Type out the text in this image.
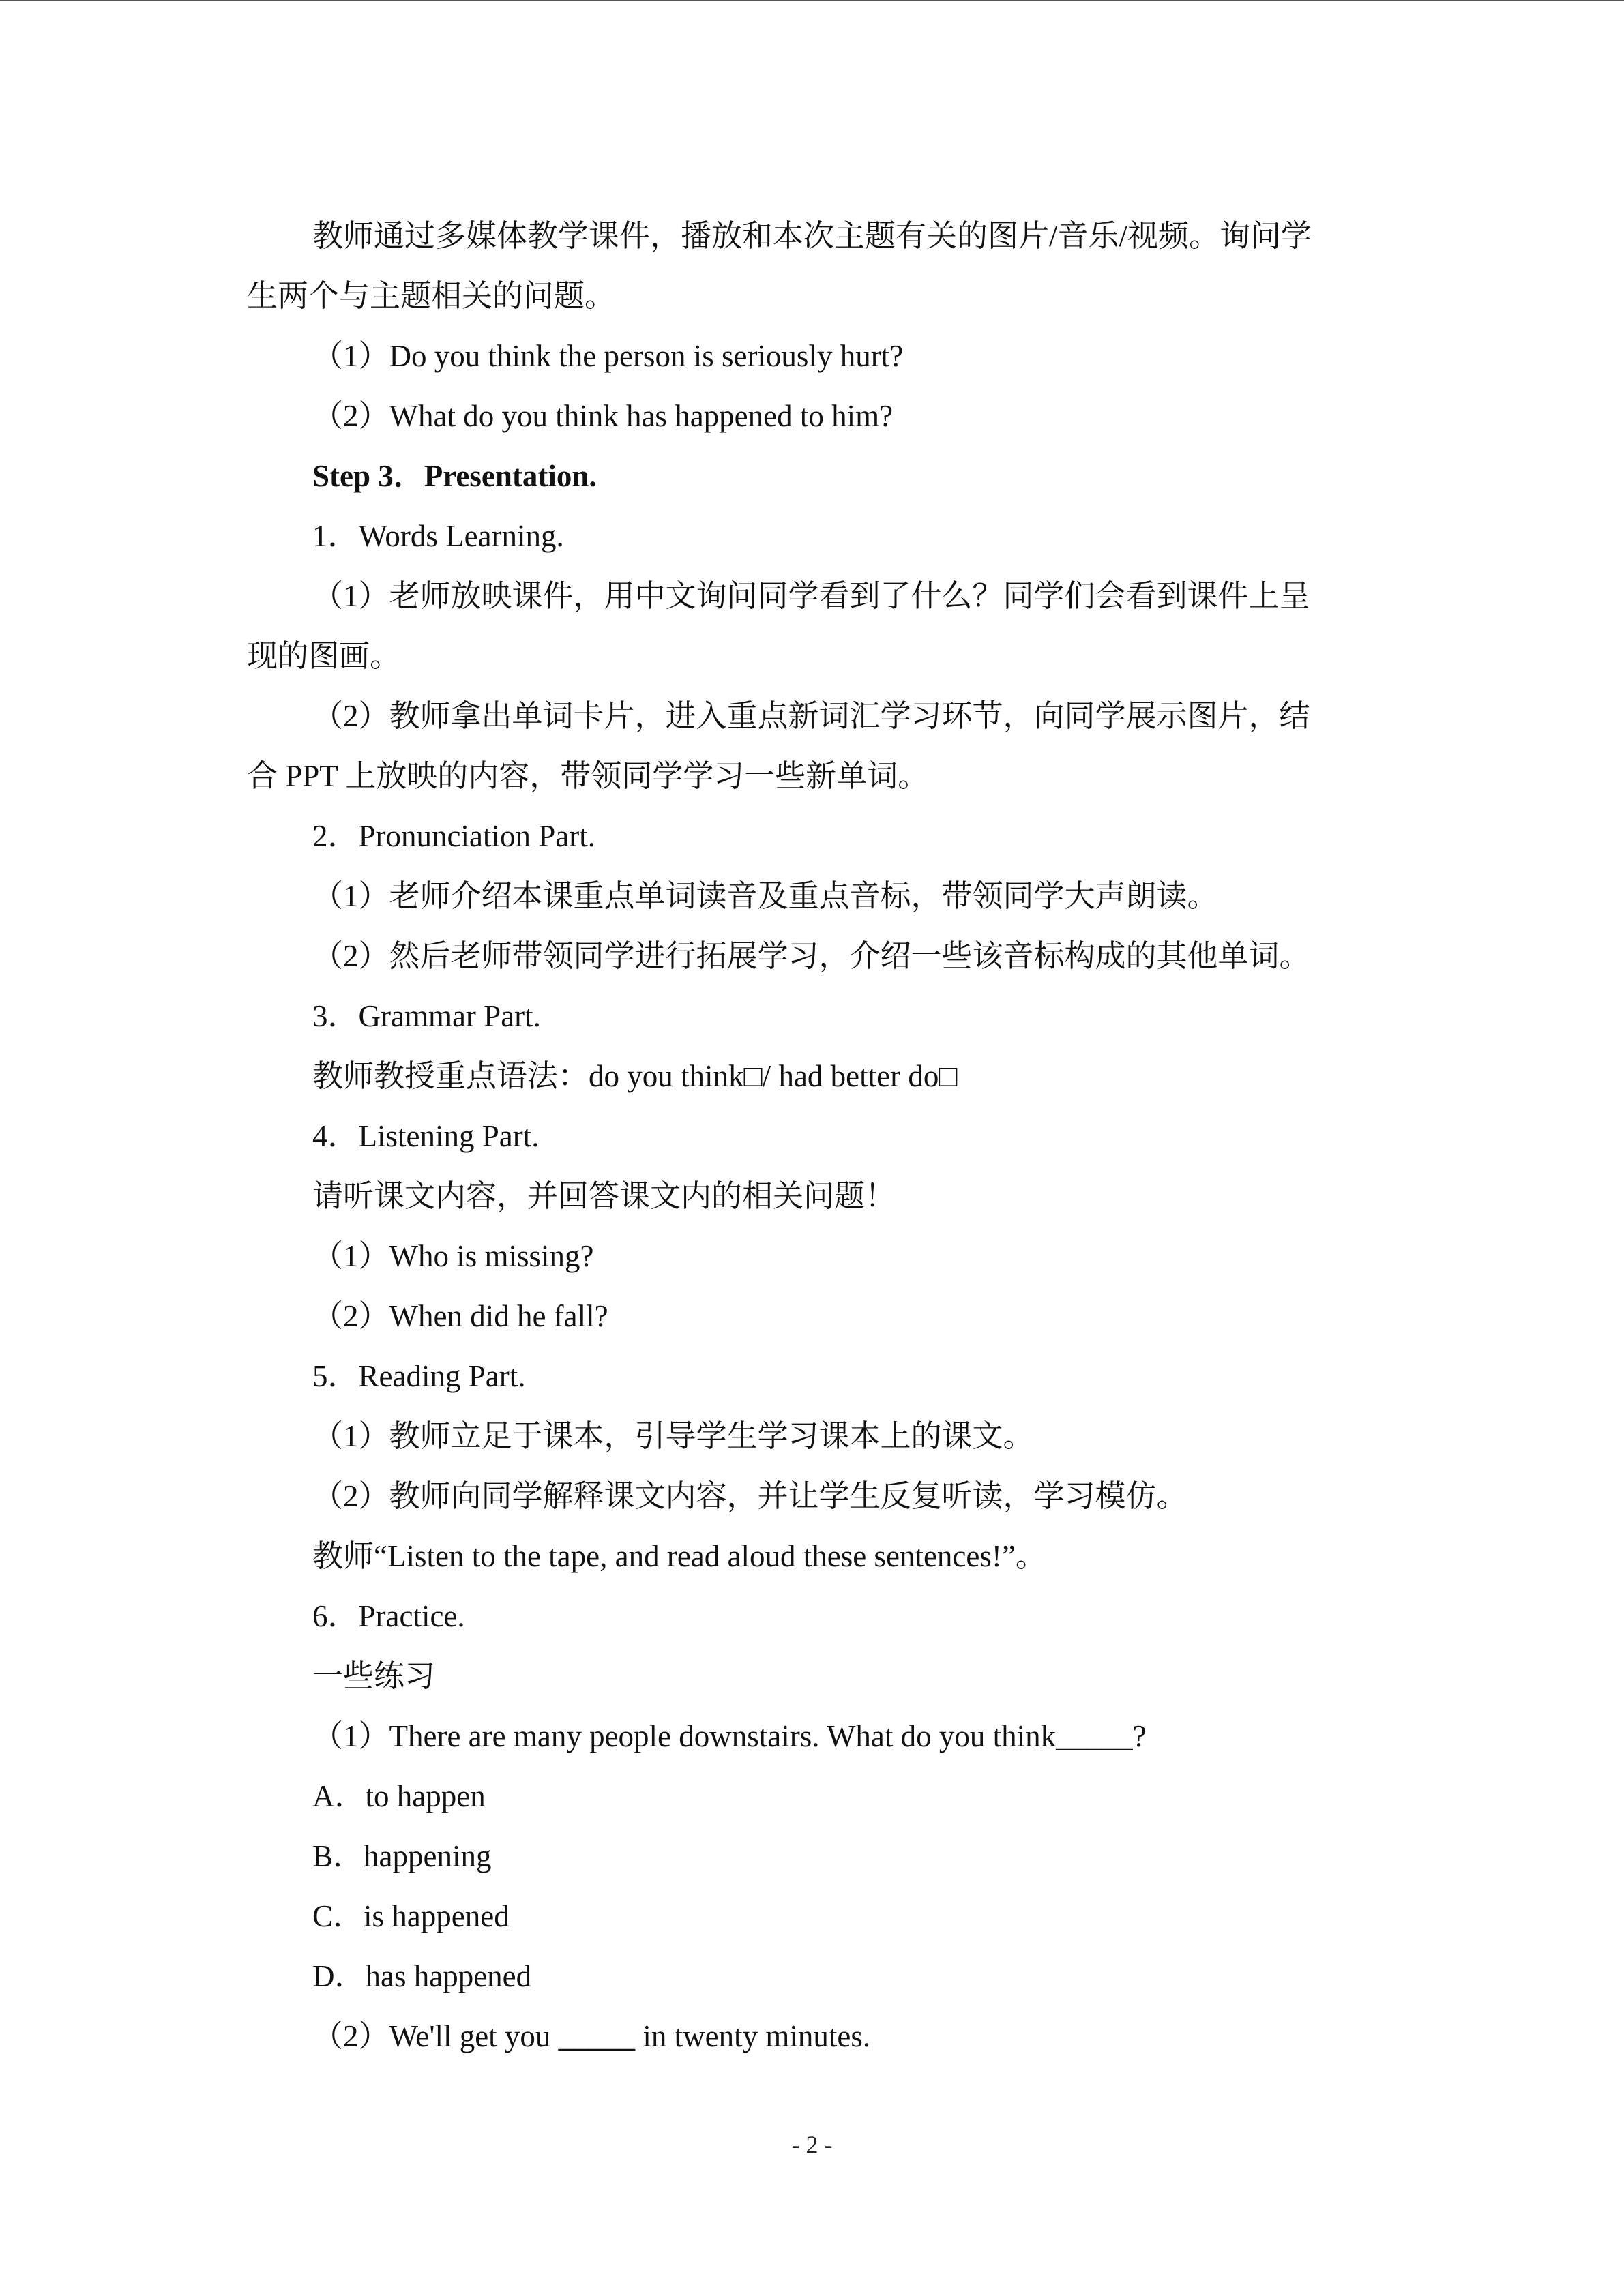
教师通过多媒体教学课件，播放和本次主题有关的图片/音乐/视频。询问学
生两个与主题相关的问题。
（1）Do you think the person is seriously hurt?
（2）What do you think has happened to him?
Step 3．Presentation.
1．Words Learning.
（1）老师放映课件，用中文询问同学看到了什么？同学们会看到课件上呈
现的图画。
（2）教师拿出单词卡片，进入重点新词汇学习环节，向同学展示图片，结
合 PPT 上放映的内容，带领同学学习一些新单词。
2．Pronunciation Part.
（1）老师介绍本课重点单词读音及重点音标，带领同学大声朗读。
（2）然后老师带领同学进行拓展学习，介绍一些该音标构成的其他单词。
3．Grammar Part.
教师教授重点语法：do you think□/ had better do□
4．Listening Part.
请听课文内容，并回答课文内的相关问题！
（1）Who is missing?
（2）When did he fall?
5．Reading Part.
（1）教师立足于课本，引导学生学习课本上的课文。
（2）教师向同学解释课文内容，并让学生反复听读，学习模仿。
教师“Listen to the tape, and read aloud these sentences!”。
6．Practice.
一些练习
（1）There are many people downstairs. What do you think_____?
A．to happen
B．happening
C．is happened
D．has happened
（2）We'll get you _____ in twenty minutes.
- 2 -
